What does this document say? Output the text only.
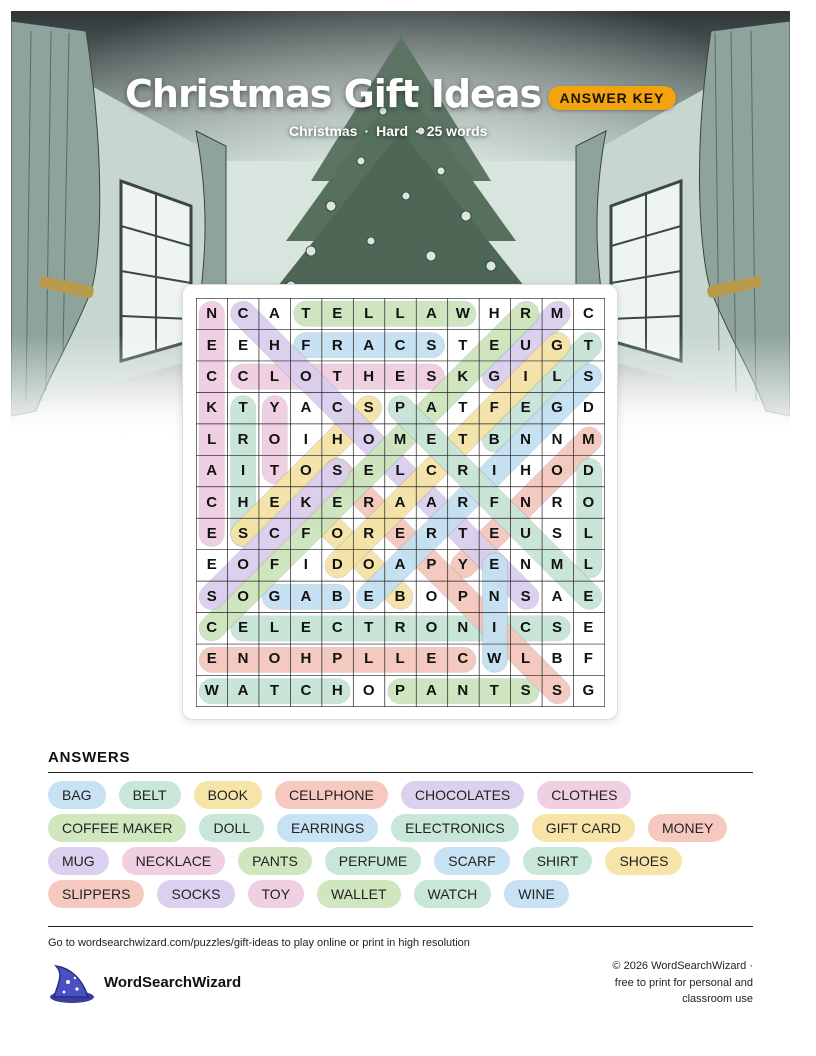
Christmas Gift Ideas	ANSWER KEY
Christmas · Hard · 25 words
N	C	A	T	E	L	L	A	W	H	R	M	C
E	E	H	F	R	A	C	S	T	E	U	G	T
C	C	L	O	T	H	E	S	K	G	I	L	S
K	T	Y	A	C	S	P	A	T	F	E	G	D
L	R	O	I	H	O	M	E	T	B	N	N	M
A	I	T	O	S	E	L	C	R	I	H	O	D
C	H	E	K	E	R	A	A	R	F	N	R	O
E	S	C	F	O	R	E	R	T	E	U	S	L
E	O	F	I	D	O	A	P	Y	E	N	M	L
S	O	G	A	B	E	B	O	P	N	S	A	E
C	E	L	E	C	T	R	O	N	I	C	S	E
E	N	O	H	P	L	L	E	C	W	L	B	F
W	A	T	C	H	O	P	A	N	T	S	S	G
ANSWERS
BAG	BELT	BOOK	CELLPHONE	CHOCOLATES	CLOTHES
COFFEE MAKER	DOLL	EARRINGS	ELECTRONICS	GIFT CARD	MONEY
MUG	NECKLACE	PANTS	PERFUME	SCARF	SHIRT	SHOES
SLIPPERS	SOCKS	TOY	WALLET	WATCH	WINE
Go to wordsearchwizard.com/puzzles/gift-ideas to play online or print in high resolution
WordSearchWizard
© 2026 WordSearchWizard ·
free to print for personal and
classroom use
